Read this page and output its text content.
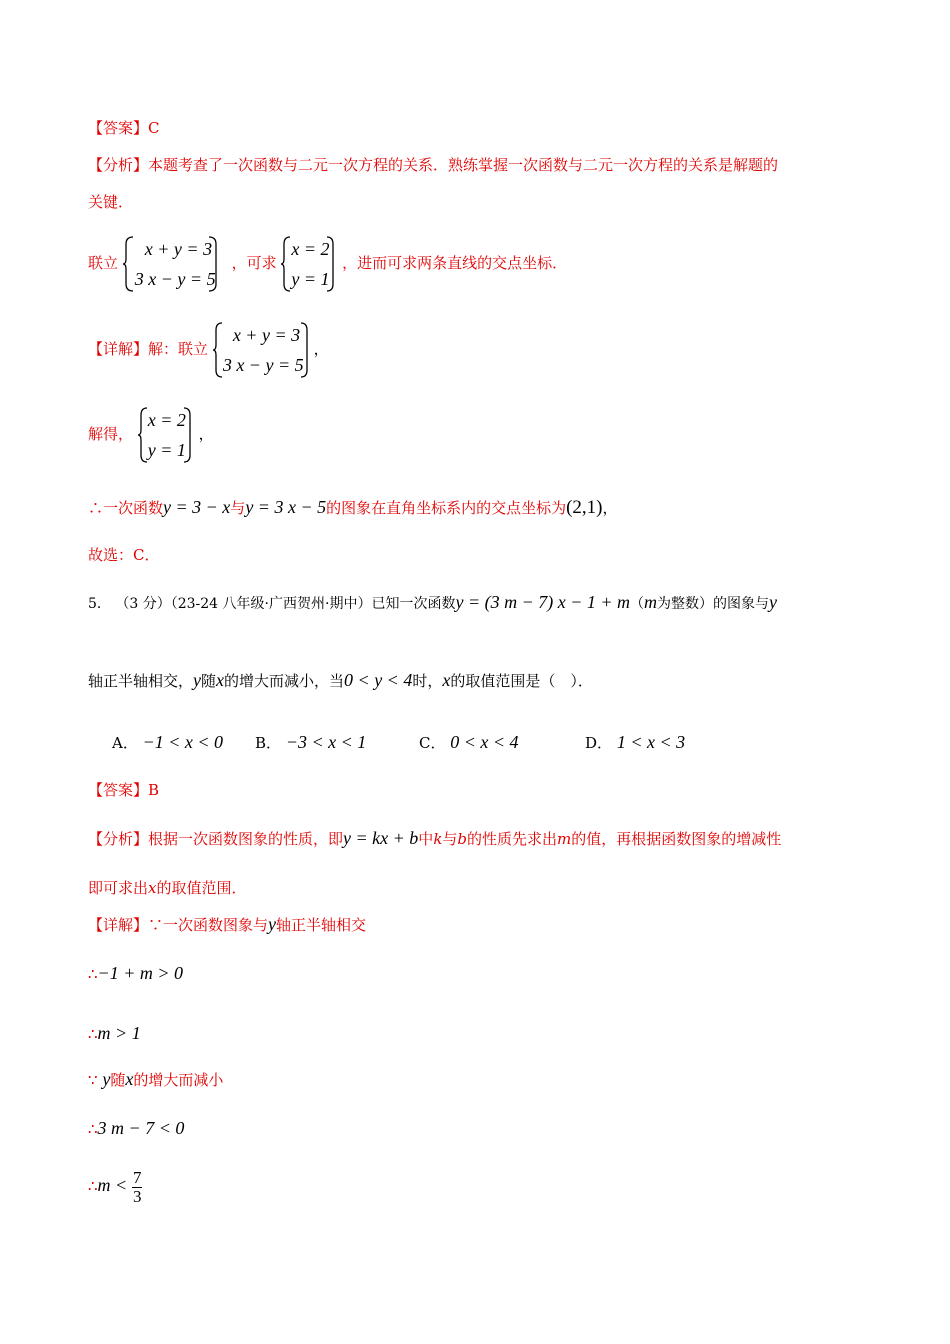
【答案】C
【分析】本题考查了一次函数与二元一次方程的关系．熟练掌握一次函数与二元一次方程的关系是解题的
关键．
联立
x + y = 3
3 x − y = 5
，可求
x = 2
y = 1
，进而可求两条直线的交点坐标．
【详解】解：联立
x + y = 3
3 x − y = 5
，
解得，
x = 2
y = 1
，
∴一次函数y = 3 − x与y = 3 x − 5的图象在直角坐标系内的交点坐标为(2,1)，
故选：C．
5． （3 分）（23-24 八年级·广西贺州·期中）已知一次函数y = (3 m − 7) x − 1 + m（m为整数）的图象与y
轴正半轴相交，y随x的增大而减小，当0 < y < 4时，x的取值范围是（　）．
A． −1 < x < 0 B． −3 < x < 1	C． 0 < x < 4	D． 1 < x < 3
【答案】B
【分析】根据一次函数图象的性质，即y = kx + b中k与b的性质先求出m的值，再根据函数图象的增减性
即可求出x的取值范围．
【详解】∵一次函数图象与y轴正半轴相交
∴−1 + m > 0
∴m > 1
∵ y随x的增大而减小
∴3 m − 7 < 0
∴m < $\frac{7}{3}$
